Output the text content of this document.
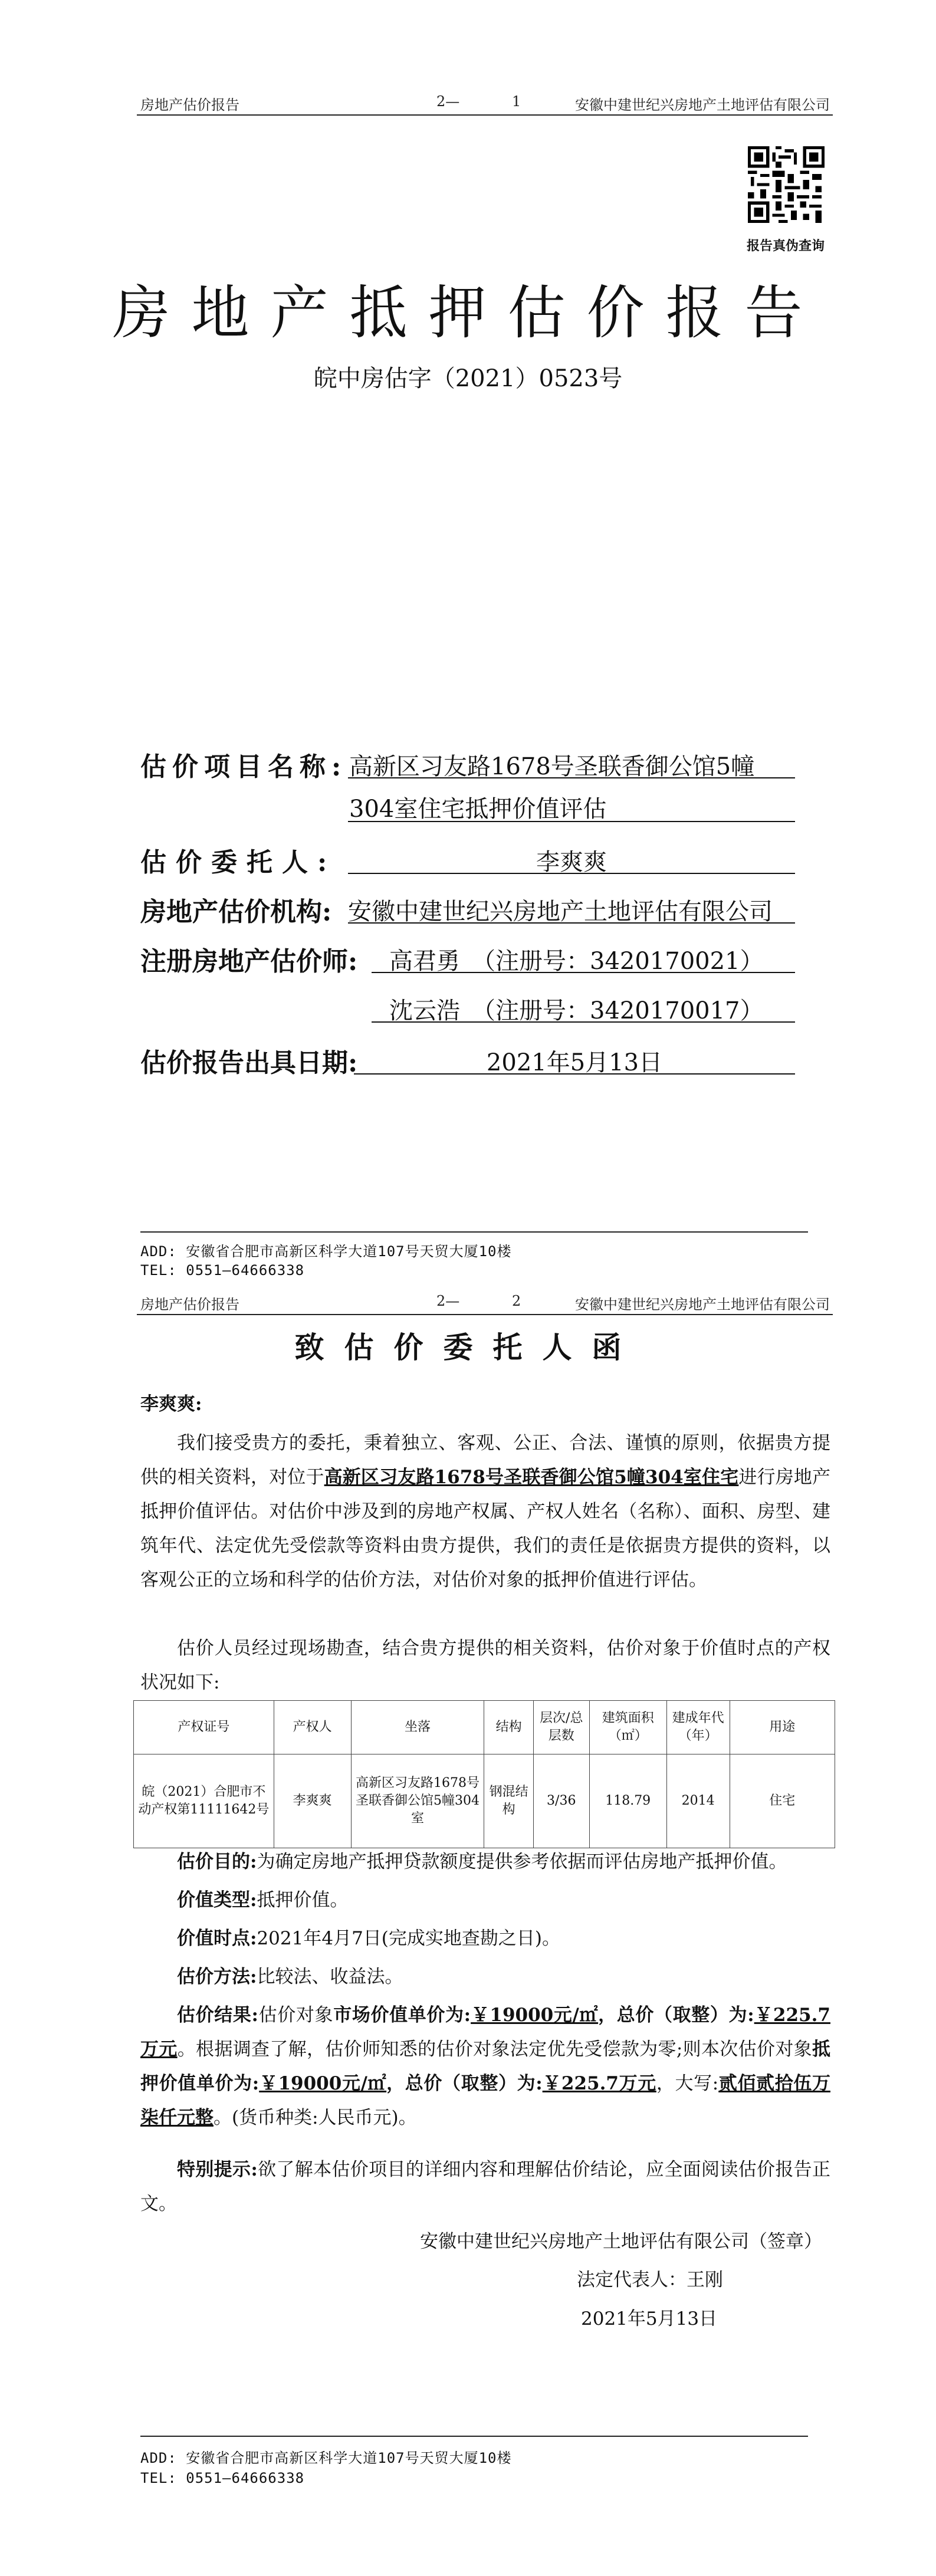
房地产估价报告	2—	1	安徽中建世纪兴房地产土地评估有限公司
报告真伪查询
房地产抵押估价报告
皖中房估字（2021）0523号
估价项目名称: 高新区习友路1678号圣联香御公馆5幢
304室住宅抵押价值评估
估价委托人:	李爽爽
房地产估价机构: 安徽中建世纪兴房地产土地评估有限公司
注册房地产估价师: 高君勇　（注册号：3420170021）
沈云浩　（注册号：3420170017）
估价报告出具日期:	2021年5月13日
ADD: 安徽省合肥市高新区科学大道107号天贸大厦10楼
TEL: 0551—64666338
房地产估价报告	2—	2	安徽中建世纪兴房地产土地评估有限公司
致估价委托人函
李爽爽:
我们接受贵方的委托，秉着独立、客观、公正、合法、谨慎的原则，依据贵方提供的相关资料，对位于高新区习友路1678号圣联香御公馆5幢304室住宅进行房地产抵押价值评估。对估价中涉及到的房地产权属、产权人姓名（名称）、面积、房型、建筑年代、法定优先受偿款等资料由贵方提供，我们的责任是依据贵方提供的资料，以客观公正的立场和科学的估价方法，对估价对象的抵押价值进行评估。
估价人员经过现场勘查，结合贵方提供的相关资料，估价对象于价值时点的产权状况如下:
产权证号	产权人	坐落	结构	层次/总层数	建筑面积（㎡）	建成年代（年）	用途
皖（2021）合肥市不动产权第11111642号	李爽爽	高新区习友路1678号圣联香御公馆5幢304室	钢混结构	3/36	118.79	2014	住宅
估价目的:为确定房地产抵押贷款额度提供参考依据而评估房地产抵押价值。
价值类型:抵押价值。
价值时点:2021年4月7日(完成实地查勘之日)。
估价方法:比较法、收益法。
估价结果:估价对象市场价值单价为:￥19000元/㎡，总价（取整）为:￥225.7万元。根据调查了解，估价师知悉的估价对象法定优先受偿款为零;则本次估价对象抵押价值单价为:￥19000元/㎡，总价（取整）为:￥225.7万元，大写:贰佰贰拾伍万柒仟元整。(货币种类:人民币元)。
特别提示:欲了解本估价项目的详细内容和理解估价结论，应全面阅读估价报告正文。
安徽中建世纪兴房地产土地评估有限公司（签章）
法定代表人：王刚
2021年5月13日
ADD: 安徽省合肥市高新区科学大道107号天贸大厦10楼
TEL: 0551—64666338
